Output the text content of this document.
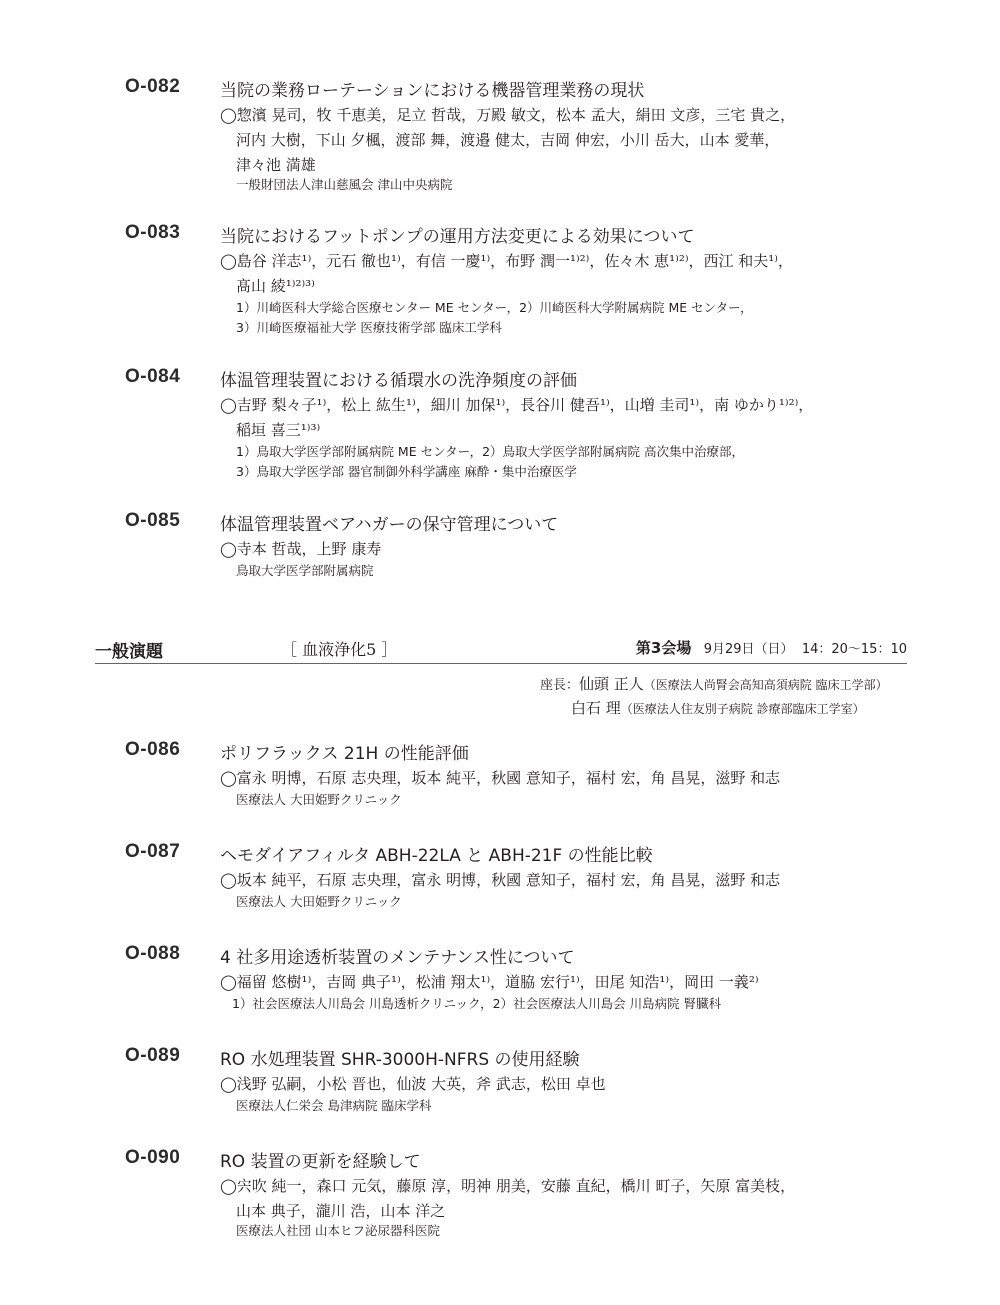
O-082 当院の業務ローテーションにおける機器管理業務の現状
◯惣濱 晃司，牧 千恵美，足立 哲哉，万殿 敏文，松本 孟大，絹田 文彦，三宅 貴之，
河内 大樹，下山 夕楓，渡部 舞，渡邉 健太，吉岡 伸宏，小川 岳大，山本 愛華，
津々池 満雄
一般財団法人津山慈風会 津山中央病院
O-083 当院におけるフットポンプの運用方法変更による効果について
◯島谷 洋志¹⁾，元石 徹也¹⁾，有信 一慶¹⁾，布野 潤一¹⁾²⁾，佐々木 恵¹⁾²⁾，西江 和夫¹⁾，
髙山 綾¹⁾²⁾³⁾
1）川崎医科大学総合医療センター ME センター，2）川崎医科大学附属病院 ME センター，
3）川崎医療福祉大学 医療技術学部 臨床工学科
O-084 体温管理装置における循環水の洗浄頻度の評価
◯吉野 梨々子¹⁾，松上 紘生¹⁾，細川 加保¹⁾，長谷川 健吾¹⁾，山増 圭司¹⁾，南 ゆかり¹⁾²⁾，
稲垣 喜三¹⁾³⁾
1）鳥取大学医学部附属病院 ME センター，2）鳥取大学医学部附属病院 高次集中治療部，
3）鳥取大学医学部 器官制御外科学講座 麻酔・集中治療医学
O-085 体温管理装置ベアハガーの保守管理について
◯寺本 哲哉，上野 康寿
鳥取大学医学部附属病院
一般演題	［ 血液浄化5 ］	第3会場 9月29日（日） 14：20～15：10
座長：仙頭 正人（医療法人尚腎会高知高須病院 臨床工学部）
白石 理（医療法人住友別子病院 診療部臨床工学室）
O-086 ポリフラックス 21H の性能評価
◯富永 明博，石原 志央理，坂本 純平，秋國 意知子，福村 宏，角 昌晃，滋野 和志
医療法人 大田姫野クリニック
O-087 ヘモダイアフィルタ ABH-22LA と ABH-21F の性能比較
◯坂本 純平，石原 志央理，富永 明博，秋國 意知子，福村 宏，角 昌晃，滋野 和志
医療法人 大田姫野クリニック
O-088 4 社多用途透析装置のメンテナンス性について
◯福留 悠樹¹⁾，吉岡 典子¹⁾，松浦 翔太¹⁾，道脇 宏行¹⁾，田尾 知浩¹⁾，岡田 一義²⁾
1）社会医療法人川島会 川島透析クリニック，2）社会医療法人川島会 川島病院 腎臓科
O-089 RO 水処理装置 SHR-3000H-NFRS の使用経験
◯浅野 弘嗣，小松 晋也，仙波 大英，斧 武志，松田 卓也
医療法人仁栄会 島津病院 臨床学科
O-090 RO 装置の更新を経験して
◯宍吹 純一，森口 元気，藤原 淳，明神 朋美，安藤 直紀，橋川 町子，矢原 富美枝，
山本 典子，瀧川 浩，山本 洋之
医療法人社団 山本ヒフ泌尿器科医院
